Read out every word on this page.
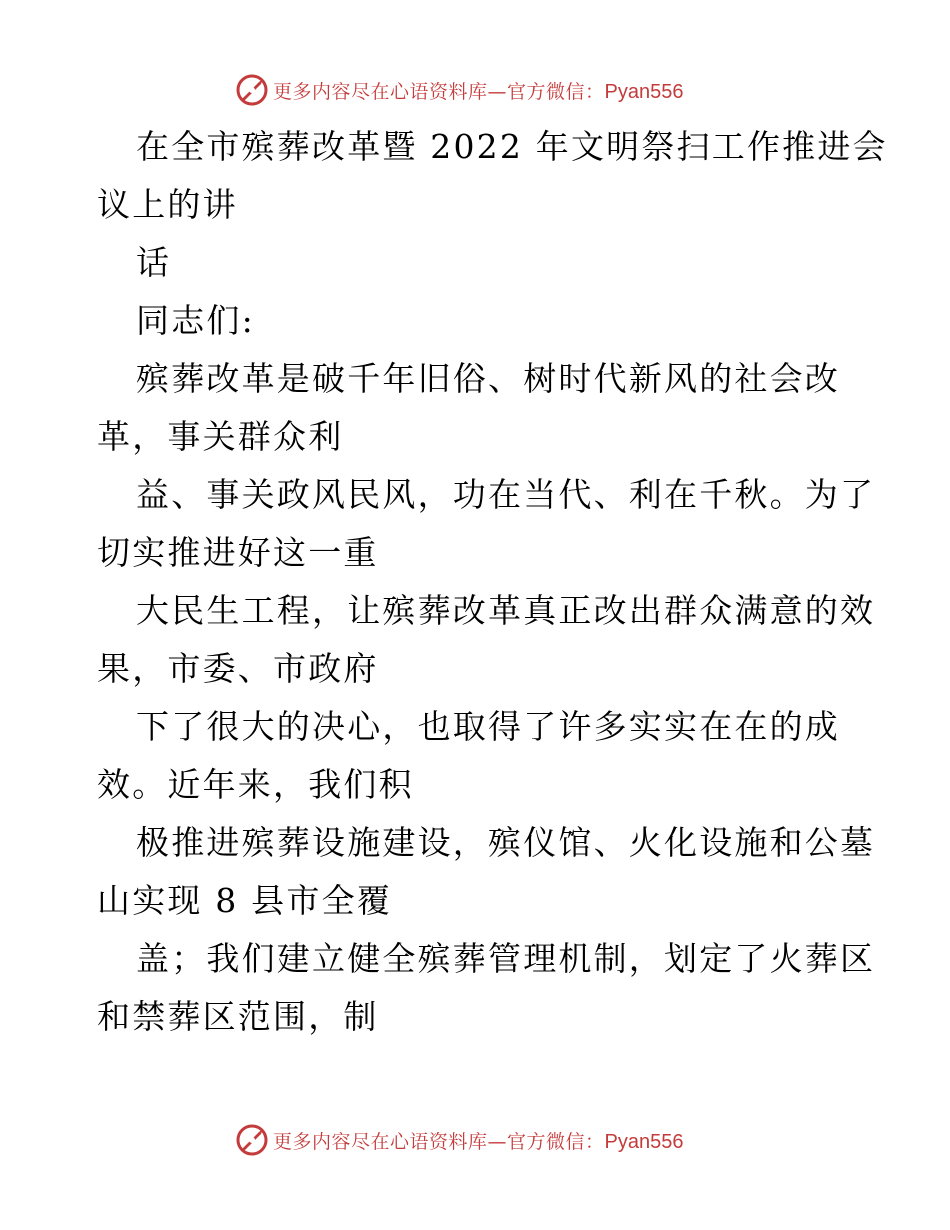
更多内容尽在心语资料库—官方微信：Pyan556
在全市殡葬改革暨 2022 年文明祭扫工作推进会
议上的讲
话
同志们:
殡葬改革是破千年旧俗、树时代新风的社会改
革，事关群众利
益、事关政风民风，功在当代、利在千秋。为了
切实推进好这一重
大民生工程，让殡葬改革真正改出群众满意的效
果，市委、市政府
下了很大的决心，也取得了许多实实在在的成
效。近年来，我们积
极推进殡葬设施建设，殡仪馆、火化设施和公墓
山实现 8 县市全覆
盖；我们建立健全殡葬管理机制，划定了火葬区
和禁葬区范围，制
更多内容尽在心语资料库—官方微信：Pyan556
